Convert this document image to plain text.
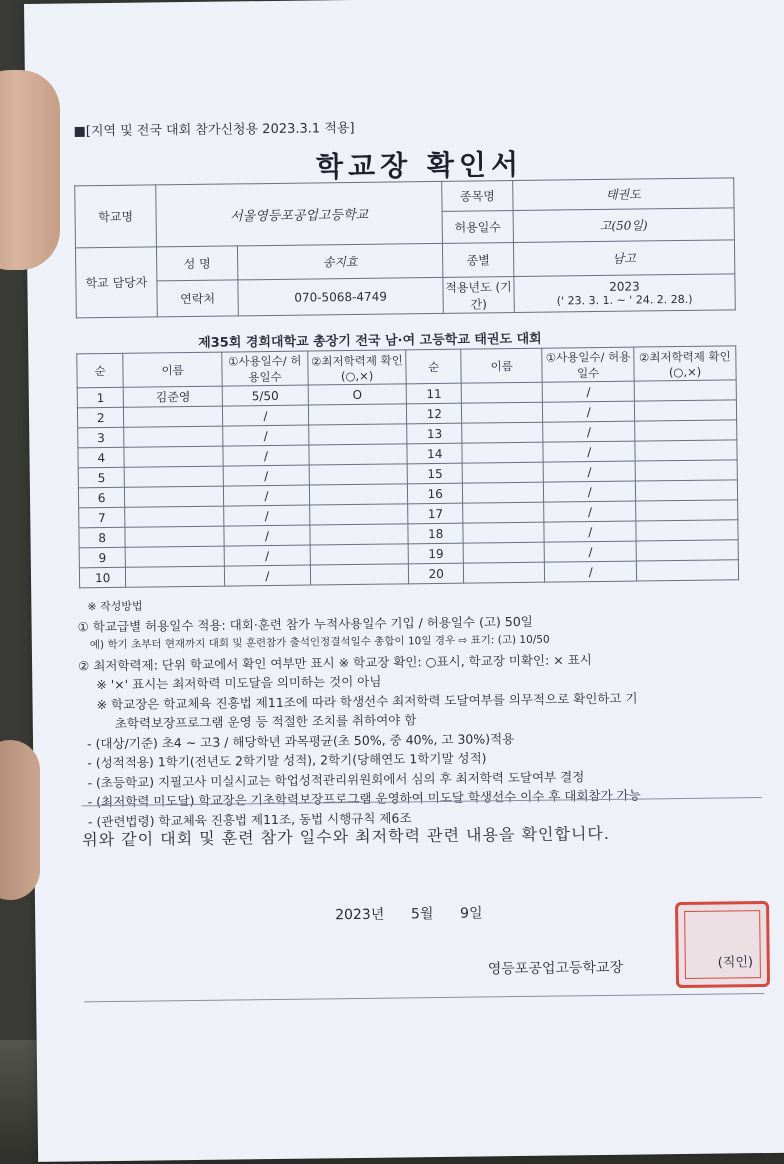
■[지역 및 전국 대회 참가신청용 2023.3.1 적용]
학교장 확인서
학교명	서울영등포공업고등학교		종목명	태권도
			허용일수	고(50일)
학교 담당자	성 명	송지효	종별	남고
	연락처	070-5068-4749	적용년도 (기간)	2023
(' 23. 3. 1. ~ ' 24. 2. 28.)
제35회 경희대학교 총장기 전국 남·여 고등학교 태권도 대회
순	이름	①사용일수/ 허용일수	②최저학력제 확인(○,×)	순	이름	①사용일수/ 허용일수	②최저학력제 확인(○,×)
1	김준영	5/50	O	11		/	
2		/		12		/	
3		/		13		/	
4		/		14		/	
5		/		15		/	
6		/		16		/	
7		/		17		/	
8		/		18		/	
9		/		19		/	
10		/		20		/	
※ 작성방법
① 학교급별 허용일수 적용: 대회·훈련 참가 누적사용일수 기입 / 허용일수 (고) 50일
예) 학기 초부터 현재까지 대회 및 훈련참가 출석인정결석일수 총합이 10일 경우 ⇨ 표기: (고) 10/50
② 최저학력제: 단위 학교에서 확인 여부만 표시 ※ 학교장 확인: ○표시, 학교장 미확인: × 표시
※ '×' 표시는 최저학력 미도달을 의미하는 것이 아님
※ 학교장은 학교체육 진흥법 제11조에 따라 학생선수 최저학력 도달여부를 의무적으로 확인하고 기
초학력보장프로그램 운영 등 적절한 조치를 취하여야 함
- (대상/기준) 초4 ~ 고3 / 해당학년 과목평균(초 50%, 중 40%, 고 30%)적용
- (성적적용) 1학기(전년도 2학기말 성적), 2학기(당해연도 1학기말 성적)
- (초등학교) 지필고사 미실시교는 학업성적관리위원회에서 심의 후 최저학력 도달여부 결정
- (최저학력 미도달) 학교장은 기초학력보장프로그램 운영하여 미도달 학생선수 이수 후 대회참가 가능
- (관련법령) 학교체육 진흥법 제11조, 동법 시행규칙 제6조
위와 같이 대회 및 훈련 참가 일수와 최저학력 관련 내용을 확인합니다.
2023년      5월      9일
영등포공업고등학교장	(직인)
